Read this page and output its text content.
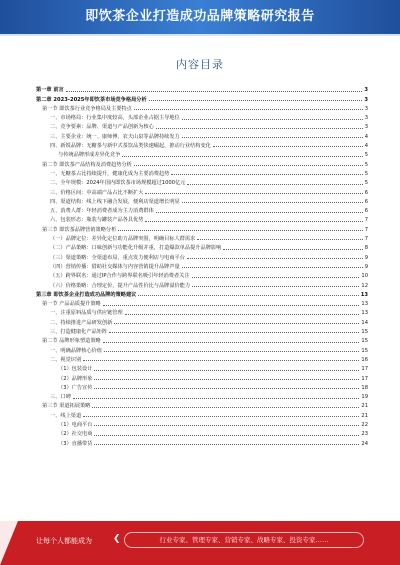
即饮茶企业打造成功品牌策略研究报告
内容目录
第一章 前言	3
第二章 2023-2025年即饮茶市场竞争格局分析	3
第一节 即饮茶行业竞争格局及主要特点	3
一、市场格局：行业集中度较高，头部企业占据主导地位	3
二、竞争要素：品牌、渠道与产品创新为核心	3
三、主要企业：统一、康师傅、农夫山泉等品牌持续发力	4
四、新锐品牌：无糖茶与新中式茶饮品类快速崛起，推动行业结构变化	4
与传统品牌形成差异化竞争	5
第二节 即饮茶产品结构及消费趋势分析	5
一、无糖茶占比持续提升，健康化成为主要消费趋势	5
二、全年规模：2024年国内即饮茶市场规模超过1000亿元	5
三、价格区间：中高端产品占比不断扩大	6
四、渠道结构：线上线下融合发展，便利店渠道增长明显	6
五、消费人群：年轻消费者成为主力消费群体	6
六、包装形态：瓶装与罐装产品各具优势	7
第三节 即饮茶品牌营销策略分析	7
（一）品牌定位：差异化定位助力品牌突围，明确目标人群需求	7
（二）产品策略：口味创新与功能化升级并重，打造爆款单品提升品牌影响	8
（三）渠道策略：全渠道布局，重点发力便利店与电商平台	9
（四）营销传播：借助社交媒体与内容营销提升品牌声量	9
（五）跨界联名：通过IP合作与跨界联名吸引年轻消费者关注	10
（六）价格策略：合理定价，提升产品性价比与品牌溢价能力	12
第三章 即饮茶企业打造成功品牌的策略建议	13
第一节 产品品质提升策略	13
一、注重原料品质与供应链管理	13
二、持续推进产品研发创新	14
三、打造健康化产品矩阵	15
第二节 品牌形象塑造策略	15
一、明确品牌核心价值	15
二、视觉识别	16
（1）包装设计	17
（2）品牌形象	17
（3）广告宣传	18
三、口碑	19
第三节 渠道拓展策略	21
一、线上渠道	21
（1）电商平台	22
（2）社交电商	23
（3）直播带货	24
让每个人都能成为 ❮	行业专家、管理专家、营销专家、战略专家、投资专家……
